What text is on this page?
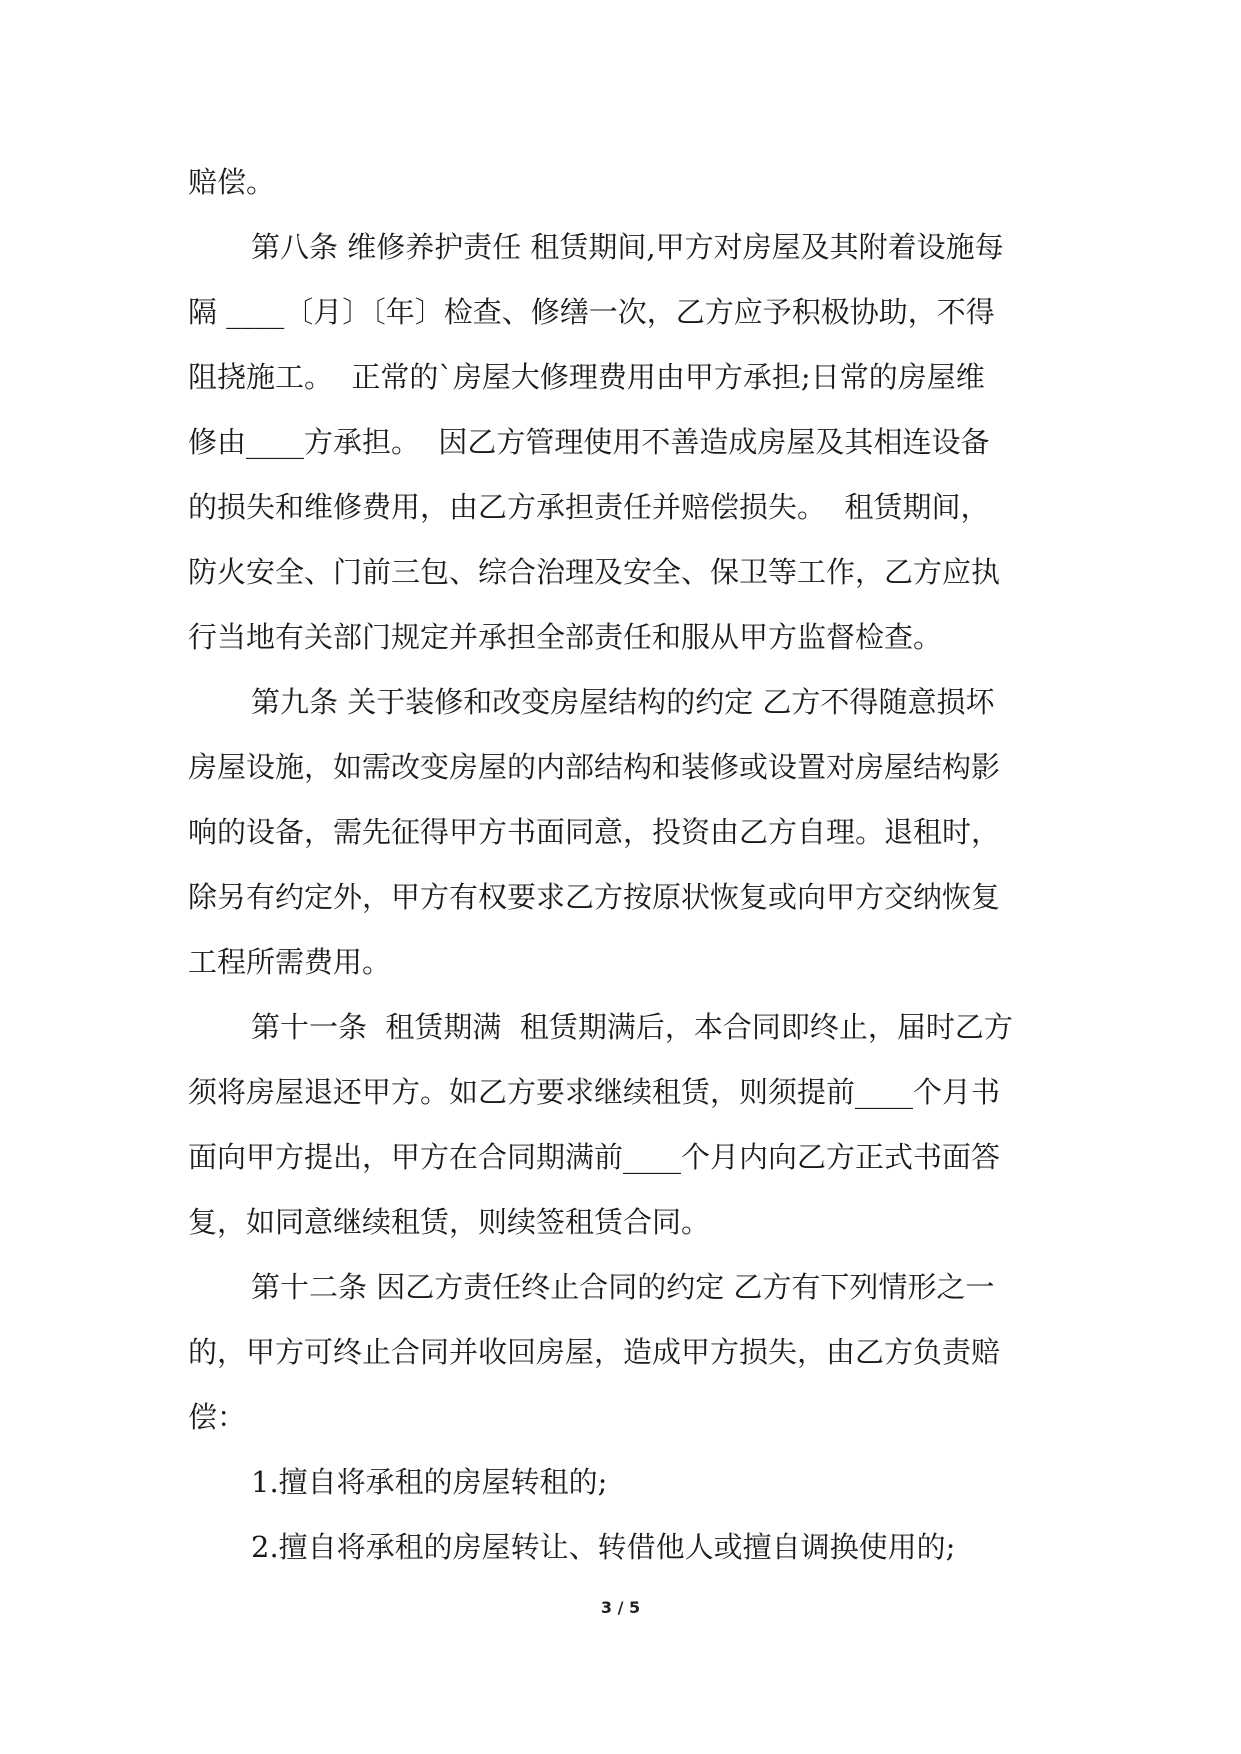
赔偿。
第八条 维修养护责任 租赁期间,甲方对房屋及其附着设施每
隔 ____〔月〕〔年〕检查、修缮一次，乙方应予积极协助，不得
阻挠施工。  正常的`房屋大修理费用由甲方承担;日常的房屋维
修由____方承担。  因乙方管理使用不善造成房屋及其相连设备
的损失和维修费用，由乙方承担责任并赔偿损失。  租赁期间，
防火安全、门前三包、综合治理及安全、保卫等工作，乙方应执
行当地有关部门规定并承担全部责任和服从甲方监督检查。
第九条 关于装修和改变房屋结构的约定 乙方不得随意损坏
房屋设施，如需改变房屋的内部结构和装修或设置对房屋结构影
响的设备，需先征得甲方书面同意，投资由乙方自理。退租时，
除另有约定外，甲方有权要求乙方按原状恢复或向甲方交纳恢复
工程所需费用。
第十一条  租赁期满  租赁期满后，本合同即终止，届时乙方
须将房屋退还甲方。如乙方要求继续租赁，则须提前____个月书
面向甲方提出，甲方在合同期满前____个月内向乙方正式书面答
复，如同意继续租赁，则续签租赁合同。
第十二条 因乙方责任终止合同的约定 乙方有下列情形之一
的，甲方可终止合同并收回房屋，造成甲方损失，由乙方负责赔
偿：
1.擅自将承租的房屋转租的;
2.擅自将承租的房屋转让、转借他人或擅自调换使用的;
3 / 5
